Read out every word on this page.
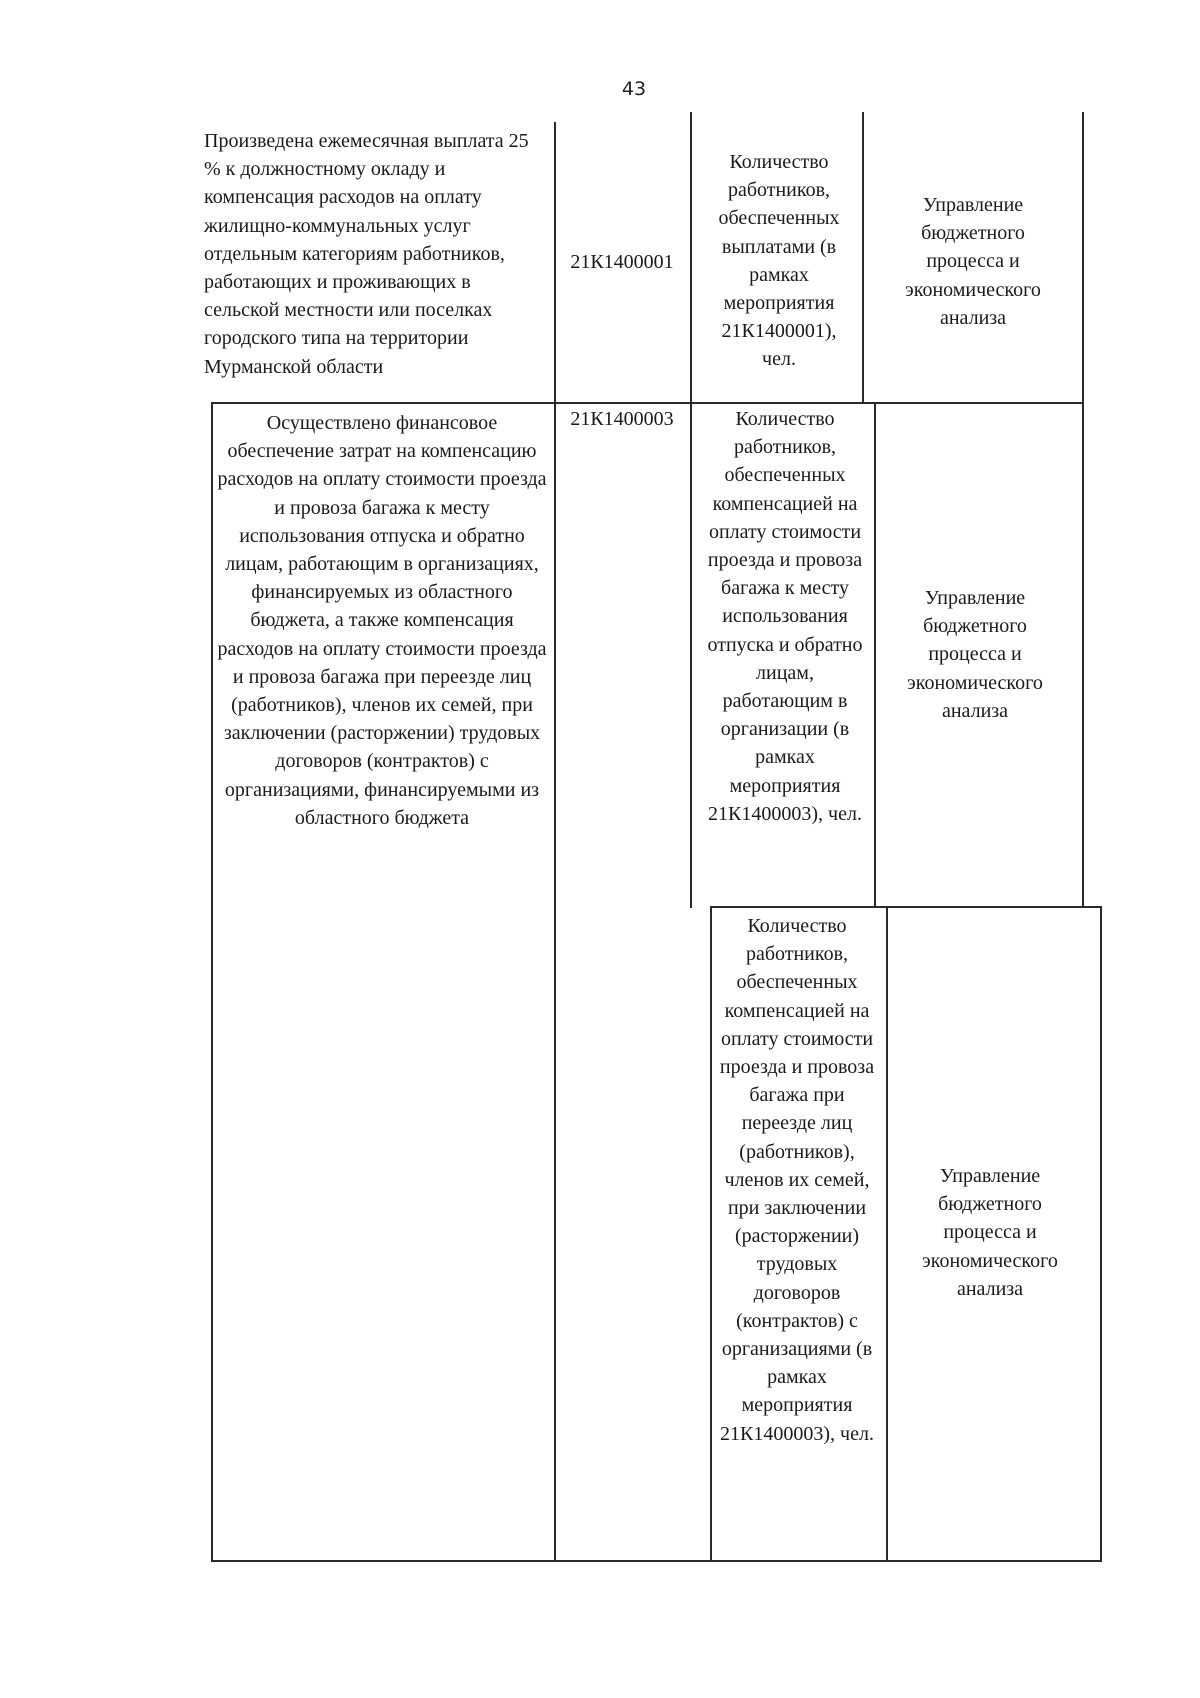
43
Произведена ежемесячная выплата 25 % к должностному окладу и компенсация расходов на оплату жилищно-коммунальных услуг отдельным категориям работников, работающих и проживающих в сельской местности или поселках городского типа на территории Мурманской области
21К1400001
Количество работников, обеспеченных выплатами (в рамках мероприятия 21К1400001), чел.
Управление бюджетного процесса и экономического анализа
Осуществлено финансовое обеспечение затрат на компенсацию расходов на оплату стоимости проезда и провоза багажа к месту использования отпуска и обратно лицам, работающим в организациях, финансируемых из областного бюджета, а также компенсация расходов на оплату стоимости проезда и провоза багажа при переезде лиц (работников), членов их семей, при заключении (расторжении) трудовых договоров (контрактов) с организациями, финансируемыми из областного бюджета
21К1400003	Количество работников, обеспеченных компенсацией на оплату стоимости проезда и провоза багажа к месту использования отпуска и обратно лицам, работающим в организации (в рамках мероприятия 21К1400003), чел.
Управление бюджетного процесса и экономического анализа
Количество работников, обеспеченных компенсацией на оплату стоимости проезда и провоза багажа при переезде лиц (работников), членов их семей, при заключении (расторжении) трудовых договоров (контрактов) с организациями (в рамках мероприятия 21К1400003), чел.
Управление бюджетного процесса и экономического анализа
